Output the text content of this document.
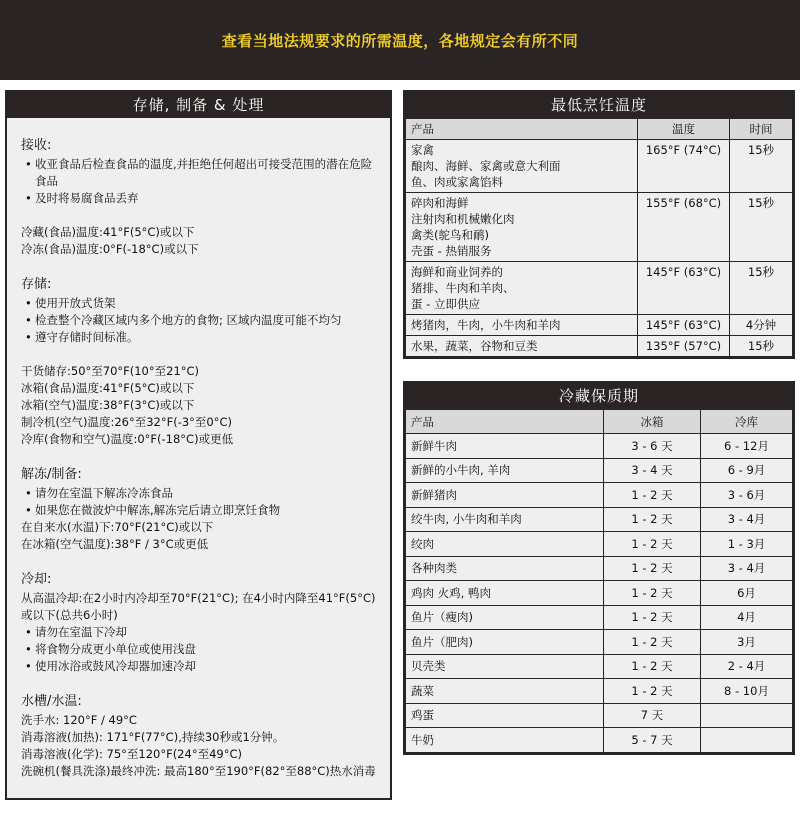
查看当地法规要求的所需温度，各地规定会有所不同
存储, 制备 & 处理
接收:
• 收亚食品后检查食品的温度,并拒绝任何超出可接受范围的潜在危险食品
• 及时将易腐食品丢弃
冷藏(食品)温度:41°F(5°C)或以下
冷冻(食品)温度:0°F(-18°C)或以下
存储:
• 使用开放式货架
• 检查整个冷藏区域内多个地方的食物; 区域内温度可能不均匀
• 遵守存储时间标准。
干货储存:50°至70°F(10°至21°C)
冰箱(食品)温度:41°F(5°C)或以下
冰箱(空气)温度:38°F(3°C)或以下
制冷机(空气)温度:26°至32°F(-3°至0°C)
冷库(食物和空气)温度:0°F(-18°C)或更低
解冻/制备:
• 请勿在室温下解冻冷冻食品
• 如果您在微波炉中解冻,解冻完后请立即烹饪食物
在自来水(水温)下:70°F(21°C)或以下
在冰箱(空气温度):38°F / 3°C或更低
冷却:
从高温冷却:在2小时内冷却至70°F(21°C); 在4小时内降至41°F(5°C)或以下(总共6小时)
• 请勿在室温下冷却
• 将食物分成更小单位或使用浅盘
• 使用冰浴或鼓风冷却器加速冷却
水槽/水温:
洗手水: 120°F / 49°C
消毒溶液(加热): 171°F(77°C),持续30秒或1分钟。
消毒溶液(化学): 75°至120°F(24°至49°C)
洗碗机(餐具洗涤)最终冲洗: 最高180°至190°F(82°至88°C)热水消毒
最低烹饪温度
产品	温度	时间
家禽
酿肉、海鲜、家禽或意大利面
鱼、肉或家禽馅料	165°F (74°C)	15秒
碎肉和海鲜
注射肉和机械嫩化肉
禽类(鸵鸟和鸸)
壳蛋 - 热销服务	155°F (68°C)	15秒
海鲜和商业饲养的
猪排、牛肉和羊肉、
蛋 - 立即供应	145°F (63°C)	15秒
烤猪肉，牛肉，小牛肉和羊肉	145°F (63°C)	4分钟
水果，蔬菜，谷物和豆类	135°F (57°C)	15秒
冷藏保质期
产品	冰箱	冷库
新鲜牛肉	3 - 6 天	6 - 12月
新鲜的小牛肉, 羊肉	3 - 4 天	6 - 9月
新鲜猪肉	1 - 2 天	3 - 6月
绞牛肉, 小牛肉和羊肉	1 - 2 天	3 - 4月
绞肉	1 - 2 天	1 - 3月
各种肉类	1 - 2 天	3 - 4月
鸡肉 火鸡, 鸭肉	1 - 2 天	6月
鱼片（瘦肉)	1 - 2 天	4月
鱼片（肥肉)	1 - 2 天	3月
贝壳类	1 - 2 天	2 - 4月
蔬菜	1 - 2 天	8 - 10月
鸡蛋	7 天	
牛奶	5 - 7 天	
